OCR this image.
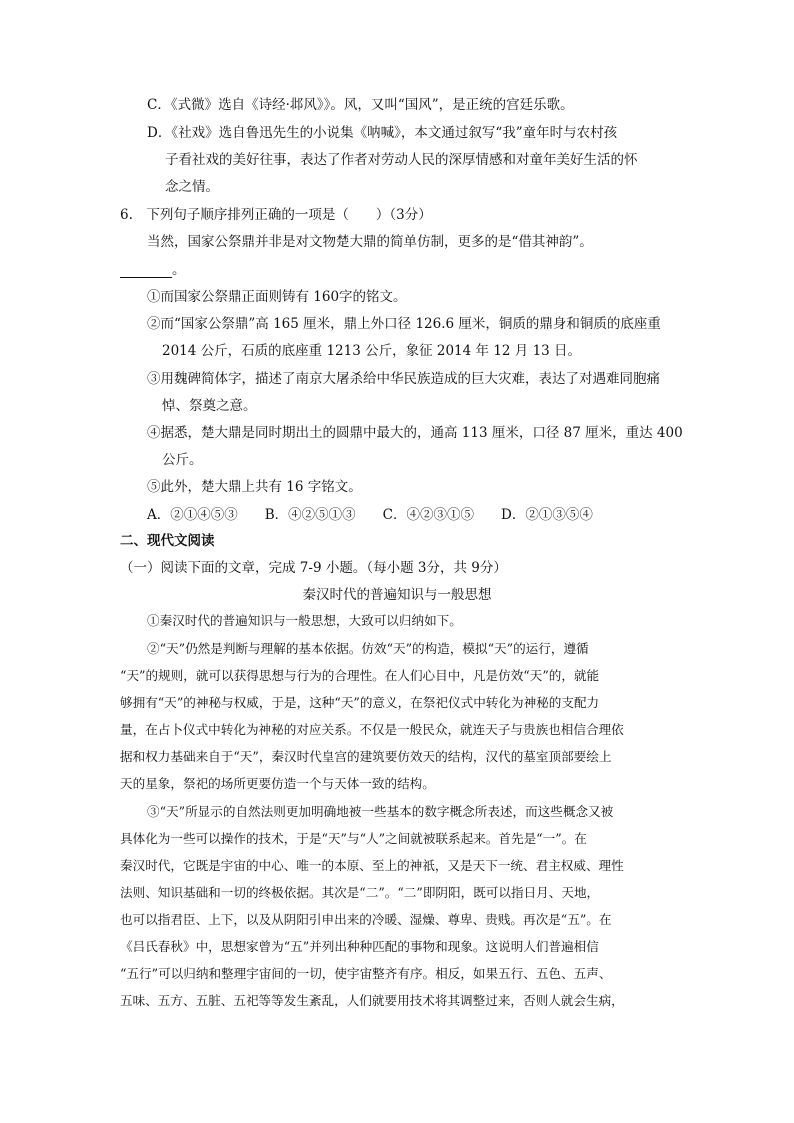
C．《式微》选自《诗经·邶风》》。风，又叫“国风”，是正统的宫廷乐歌。
D．《社戏》选自鲁迅先生的小说集《呐喊》，本文通过叙写“我”童年时与农村孩
子看社戏的美好往事，表达了作者对劳动人民的深厚情感和对童年美好生活的怀
念之情。
6.　下列句子顺序排列正确的一项是（　　）（3分）
当然，国家公祭鼎并非是对文物楚大鼎的简单仿制，更多的是“借其神韵”。
。
①而国家公祭鼎正面则铸有 160字的铭文。
②而“国家公祭鼎”高 165 厘米，鼎上外口径 126.6 厘米，铜质的鼎身和铜质的底座重
2014 公斤，石质的底座重 1213 公斤，象征 2014 年 12 月 13 日。
③用魏碑简体字，描述了南京大屠杀给中华民族造成的巨大灾难，表达了对遇难同胞痛
悼、祭奠之意。
④据悉，楚大鼎是同时期出土的圆鼎中最大的，通高 113 厘米，口径 87 厘米，重达 400
公斤。
⑤此外，楚大鼎上共有 16 字铭文。
A．②①④⑤③　　B．④②⑤①③　　C．④②③①⑤　　D．②①③⑤④
二、现代文阅读
（一）阅读下面的文章，完成 7-9 小题。（每小题 3分，共 9分）
秦汉时代的普遍知识与一般思想
①秦汉时代的普遍知识与一般思想，大致可以归纳如下。
②“天”仍然是判断与理解的基本依据。仿效“天”的构造，模拟“天”的运行，遵循
“天”的规则，就可以获得思想与行为的合理性。在人们心目中，凡是仿效“天”的，就能
够拥有“天”的神秘与权威，于是，这种“天”的意义，在祭祀仪式中转化为神秘的支配力
量，在占卜仪式中转化为神秘的对应关系。不仅是一般民众，就连天子与贵族也相信合理依
据和权力基础来自于“天”，秦汉时代皇宫的建筑要仿效天的结构，汉代的墓室顶部要绘上
天的星象，祭祀的场所更要仿造一个与天体一致的结构。
③“天”所显示的自然法则更加明确地被一些基本的数字概念所表述，而这些概念又被
具体化为一些可以操作的技术，于是“天”与“人”之间就被联系起来。首先是“一”。在
秦汉时代，它既是宇宙的中心、唯一的本原、至上的神祇，又是天下一统、君主权威、理性
法则、知识基础和一切的终极依据。其次是“二”。“二”即阴阳，既可以指日月、天地，
也可以指君臣、上下，以及从阴阳引申出来的冷暖、湿燥、尊卑、贵贱。再次是“五”。在
《吕氏春秋》中，思想家曾为“五”并列出种种匹配的事物和现象。这说明人们普遍相信
“五行”可以归纳和整理宇宙间的一切，使宇宙整齐有序。相反，如果五行、五色、五声、
五味、五方、五脏、五祀等等发生紊乱，人们就要用技术将其调整过来，否则人就会生病，
